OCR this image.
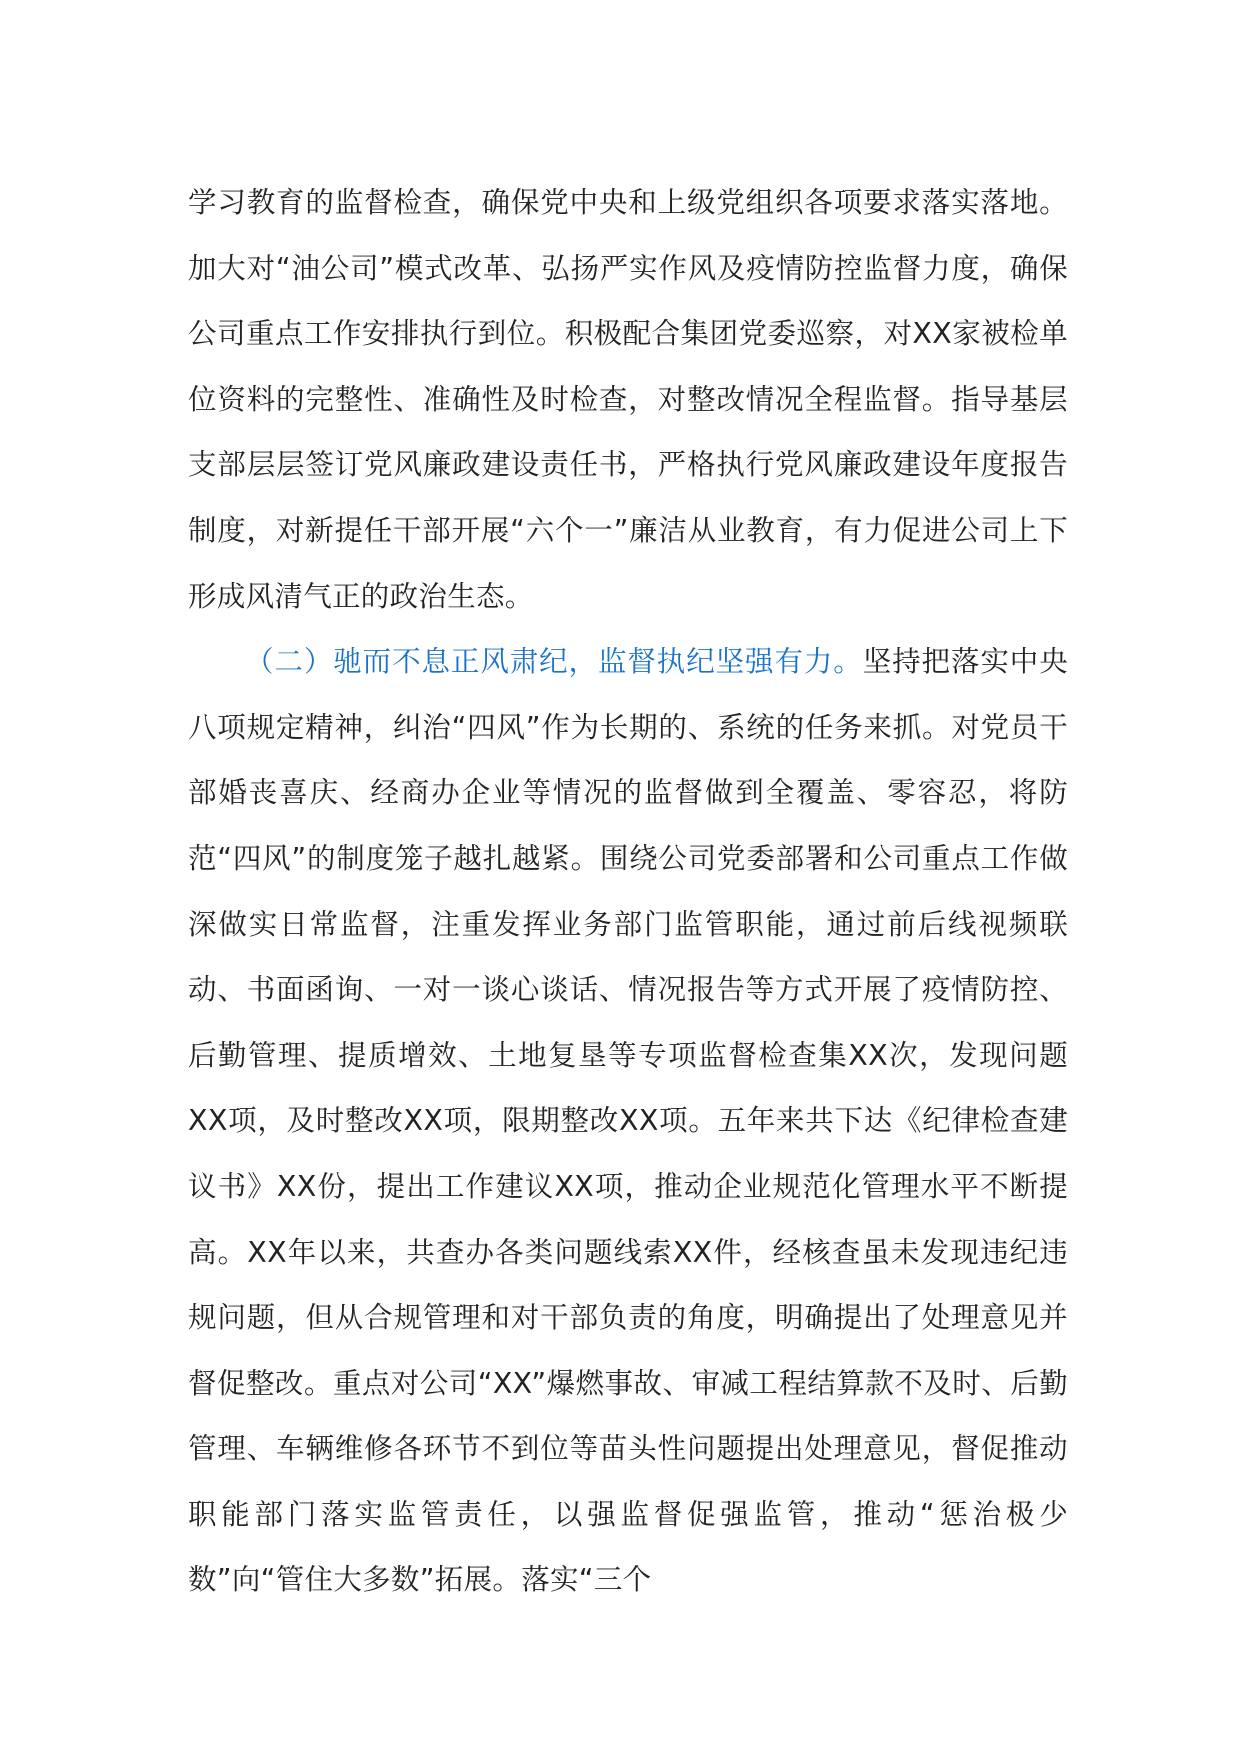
学习教育的监督检查，确保党中央和上级党组织各项要求落实落地。加大对“油公司”模式改革、弘扬严实作风及疫情防控监督力度，确保公司重点工作安排执行到位。积极配合集团党委巡察，对XX家被检单位资料的完整性、准确性及时检查，对整改情况全程监督。指导基层支部层层签订党风廉政建设责任书，严格执行党风廉政建设年度报告制度，对新提任干部开展“六个一”廉洁从业教育，有力促进公司上下形成风清气正的政治生态。

（二）驰而不息正风肃纪，监督执纪坚强有力。坚持把落实中央八项规定精神，纠治“四风”作为长期的、系统的任务来抓。对党员干部婚丧喜庆、经商办企业等情况的监督做到全覆盖、零容忍，将防范“四风”的制度笼子越扎越紧。围绕公司党委部署和公司重点工作做深做实日常监督，注重发挥业务部门监管职能，通过前后线视频联动、书面函询、一对一谈心谈话、情况报告等方式开展了疫情防控、后勤管理、提质增效、土地复垦等专项监督检查集XX次，发现问题XX项，及时整改XX项，限期整改XX项。五年来共下达《纪律检查建议书》XX份，提出工作建议XX项，推动企业规范化管理水平不断提高。XX年以来，共查办各类问题线索XX件，经核查虽未发现违纪违规问题，但从合规管理和对干部负责的角度，明确提出了处理意见并督促整改。重点对公司“XX”爆燃事故、审减工程结算款不及时、后勤管理、车辆维修各环节不到位等苗头性问题提出处理意见，督促推动职能部门落实监管责任，以强监督促强监管，推动“惩治极少数”向“管住大多数”拓展。落实“三个
